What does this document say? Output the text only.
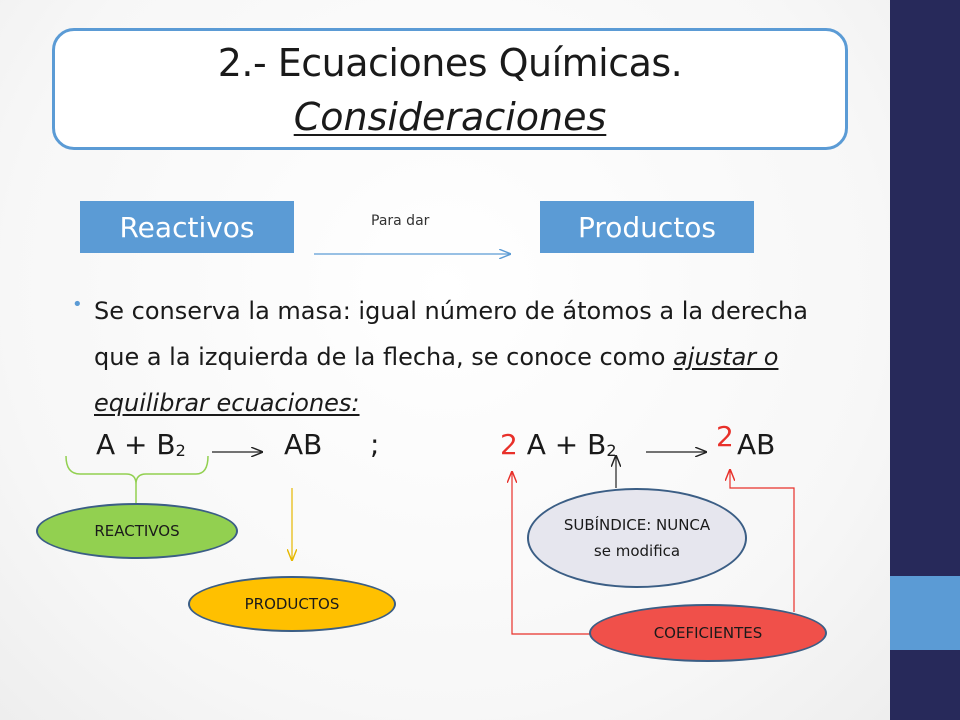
2.- Ecuaciones Químicas.
Consideraciones
Reactivos	Para dar	Productos
• Se conserva la masa: igual número de átomos a la derecha que a la izquierda de la flecha, se conoce como ajustar o equilibrar ecuaciones:
$A + B_2$	AB ;	2 $A + B_2$	2 AB
REACTIVOS
PRODUCTOS
SUBÍNDICE: NUNCA se modifica
COEFICIENTES
